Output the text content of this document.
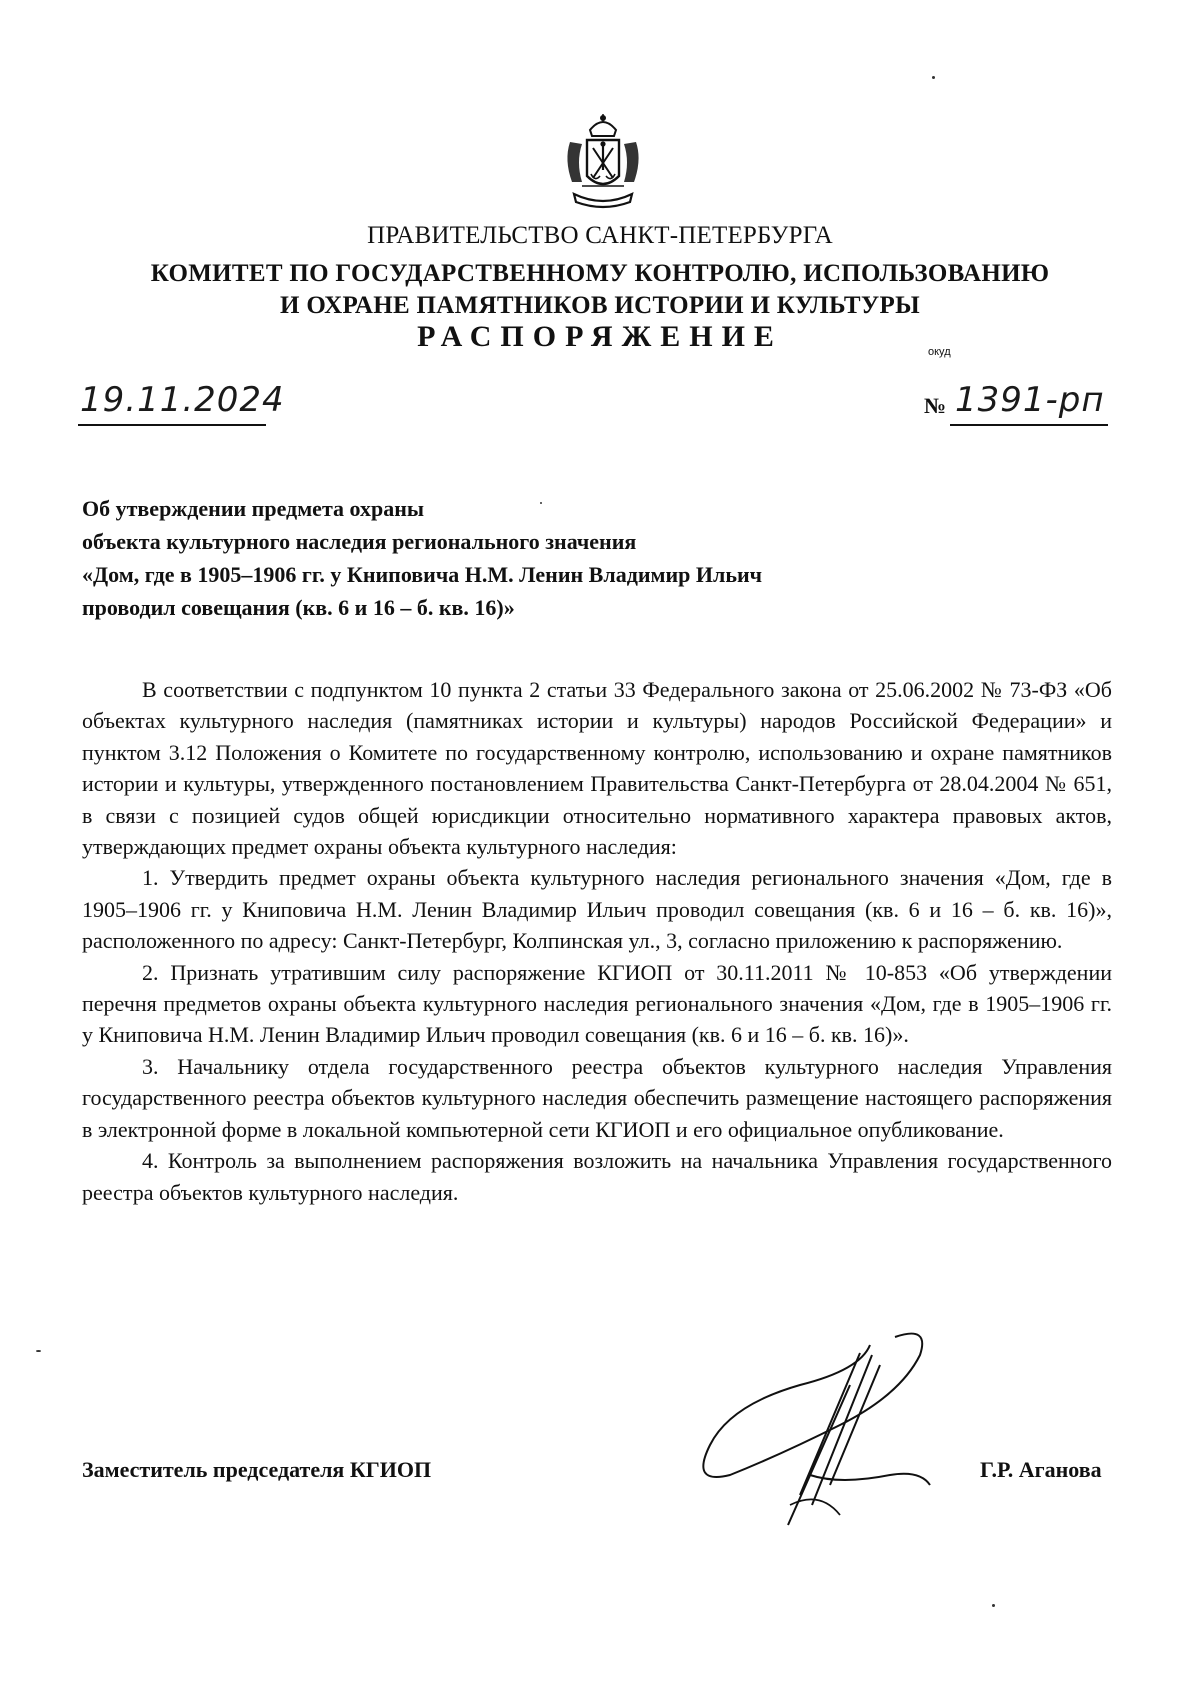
ПРАВИТЕЛЬСТВО САНКТ-ПЕТЕРБУРГА
КОМИТЕТ ПО ГОСУДАРСТВЕННОМУ КОНТРОЛЮ, ИСПОЛЬЗОВАНИЮ
И ОХРАНЕ ПАМЯТНИКОВ ИСТОРИИ И КУЛЬТУРЫ
РАСПОРЯЖЕНИЕ	окуд
19.11.2024	№ 1391-рп
Об утверждении предмета охраны
объекта культурного наследия регионального значения
«Дом, где в 1905–1906 гг. у Книповича Н.М. Ленин Владимир Ильич
проводил совещания (кв. 6 и 16 – б. кв. 16)»

В соответствии с подпунктом 10 пункта 2 статьи 33 Федерального закона от 25.06.2002 № 73-ФЗ «Об объектах культурного наследия (памятниках истории и культуры) народов Российской Федерации» и пунктом 3.12 Положения о Комитете по государственному контролю, использованию и охране памятников истории и культуры, утвержденного постановлением Правительства Санкт-Петербурга от 28.04.2004 № 651, в связи с позицией судов общей юрисдикции относительно нормативного характера правовых актов, утверждающих предмет охраны объекта культурного наследия:

1. Утвердить предмет охраны объекта культурного наследия регионального значения «Дом, где в 1905–1906 гг. у Книповича Н.М. Ленин Владимир Ильич проводил совещания (кв. 6 и 16 – б. кв. 16)», расположенного по адресу: Санкт-Петербург, Колпинская ул., 3, согласно приложению к распоряжению.

2. Признать утратившим силу распоряжение КГИОП от 30.11.2011 № 10-853 «Об утверждении перечня предметов охраны объекта культурного наследия регионального значения «Дом, где в 1905–1906 гг. у Книповича Н.М. Ленин Владимир Ильич проводил совещания (кв. 6 и 16 – б. кв. 16)».

3. Начальнику отдела государственного реестра объектов культурного наследия Управления государственного реестра объектов культурного наследия обеспечить размещение настоящего распоряжения в электронной форме в локальной компьютерной сети КГИОП и его официальное опубликование.

4. Контроль за выполнением распоряжения возложить на начальника Управления государственного реестра объектов культурного наследия.

Заместитель председателя КГИОП	Г.Р. Аганова
